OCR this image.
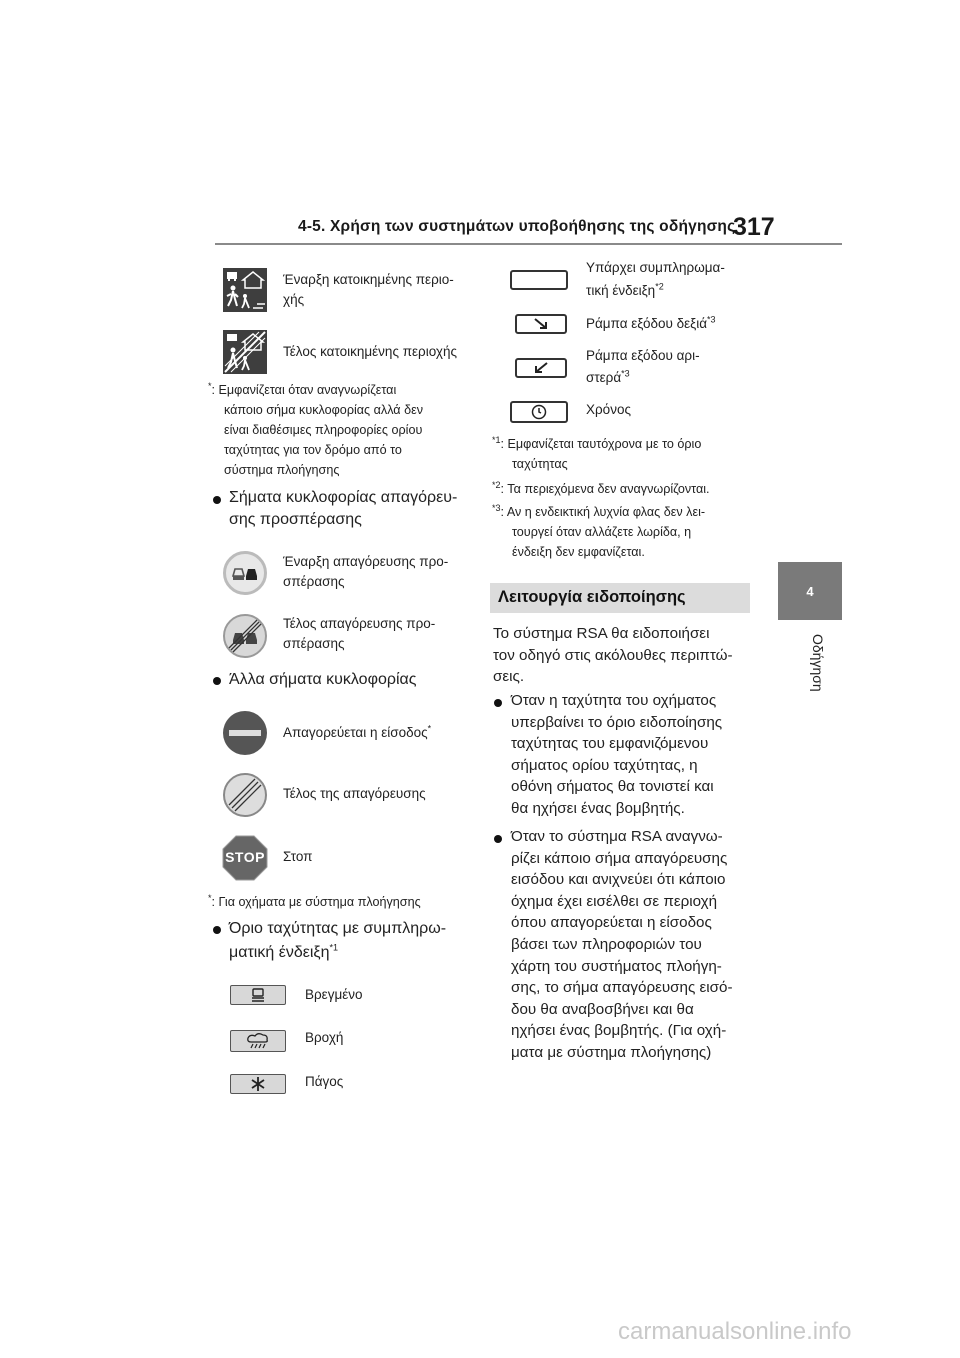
4-5. Χρήση των συστημάτων υποβοήθησης της οδήγησης
317
4
Οδήγηση
Έναρξη κατοικημένης περιο-
χής
Τέλος κατοικημένης περιοχής
*: Εμφανίζεται όταν αναγνωρίζεται
κάποιο σήμα κυκλοφορίας αλλά δεν
είναι διαθέσιμες πληροφορίες ορίου
ταχύτητας για τον δρόμο από το
σύστημα πλοήγησης
Σήματα κυκλοφορίας απαγόρευ-
σης προσπέρασης
Έναρξη απαγόρευσης προ-
σπέρασης
Τέλος απαγόρευσης προ-
σπέρασης
Άλλα σήματα κυκλοφορίας
Απαγορεύεται η είσοδος*
Τέλος της απαγόρευσης
STOP Στοπ
*: Για οχήματα με σύστημα πλοήγησης
Όριο ταχύτητας με συμπληρω-
ματική ένδειξη$^{*1}$
Βρεγμένο
Βροχή
Πάγος
Υπάρχει συμπληρωμα-
τική ένδειξη$^{*2}$
Ράμπα εξόδου δεξιά$^{*3}$
Ράμπα εξόδου αρι-
στερά$^{*3}$
Χρόνος
$^{*1}$: Εμφανίζεται ταυτόχρονα με το όριο
ταχύτητας
$^{*2}$: Τα περιεχόμενα δεν αναγνωρίζονται.
$^{*3}$: Αν η ενδεικτική λυχνία φλας δεν λει-
τουργεί όταν αλλάζετε λωρίδα, η
ένδειξη δεν εμφανίζεται.
Λειτουργία ειδοποίησης
Το σύστημα RSA θα ειδοποιήσει
τον οδηγό στις ακόλουθες περιπτώ-
σεις.
Όταν η ταχύτητα του οχήματος
υπερβαίνει το όριο ειδοποίησης
ταχύτητας του εμφανιζόμενου
σήματος ορίου ταχύτητας, η
οθόνη σήματος θα τονιστεί και
θα ηχήσει ένας βομβητής.
Όταν το σύστημα RSA αναγνω-
ρίζει κάποιο σήμα απαγόρευσης
εισόδου και ανιχνεύει ότι κάποιο
όχημα έχει εισέλθει σε περιοχή
όπου απαγορεύεται η είσοδος
βάσει των πληροφοριών του
χάρτη του συστήματος πλοήγη-
σης, το σήμα απαγόρευσης εισό-
δου θα αναβοσβήνει και θα
ηχήσει ένας βομβητής. (Για οχή-
ματα με σύστημα πλοήγησης)
carmanualsonline.info
